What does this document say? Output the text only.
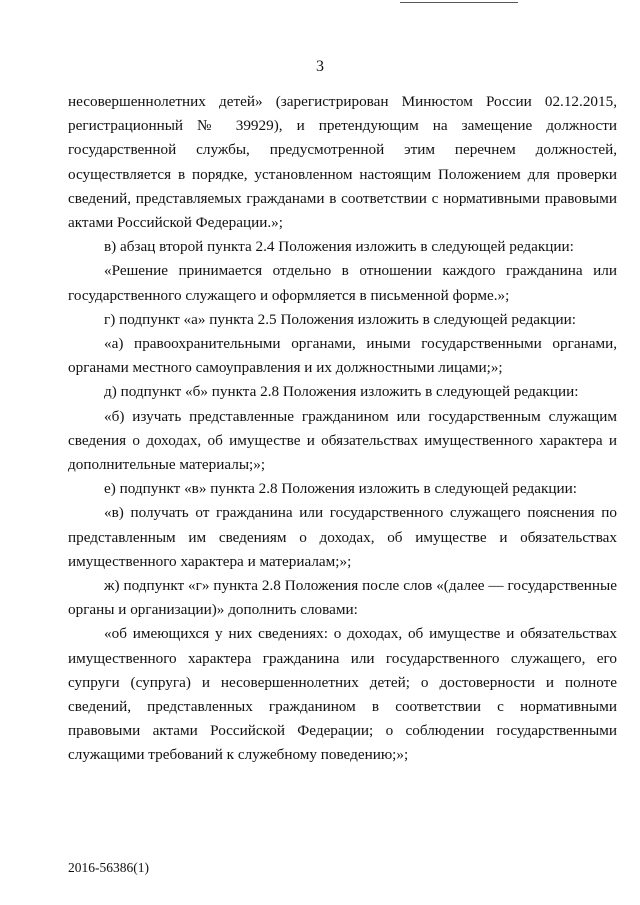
3

несовершеннолетних детей» (зарегистрирован Минюстом России 02.12.2015, регистрационный № 39929), и претендующим на замещение должности государственной службы, предусмотренной этим перечнем должностей, осуществляется в порядке, установленном настоящим Положением для проверки сведений, представляемых гражданами в соответствии с нормативными правовыми актами Российской Федерации.»;

в) абзац второй пункта 2.4 Положения изложить в следующей редакции:

«Решение принимается отдельно в отношении каждого гражданина или государственного служащего и оформляется в письменной форме.»;

г) подпункт «а» пункта 2.5 Положения изложить в следующей редакции:

«а) правоохранительными органами, иными государственными органами, органами местного самоуправления и их должностными лицами;»;

д) подпункт «б» пункта 2.8 Положения изложить в следующей редакции:

«б) изучать представленные гражданином или государственным служащим сведения о доходах, об имуществе и обязательствах имущественного характера и дополнительные материалы;»;

е) подпункт «в» пункта 2.8 Положения изложить в следующей редакции:

«в) получать от гражданина или государственного служащего пояснения по представленным им сведениям о доходах, об имуществе и обязательствах имущественного характера и материалам;»;

ж) подпункт «г» пункта 2.8 Положения после слов «(далее — государственные органы и организации)» дополнить словами:

«об имеющихся у них сведениях: о доходах, об имуществе и обязательствах имущественного характера гражданина или государственного служащего, его супруги (супруга) и несовершеннолетних детей; о достоверности и полноте сведений, представленных гражданином в соответствии с нормативными правовыми актами Российской Федерации; о соблюдении государственными служащими требований к служебному поведению;»;

2016-56386(1)
